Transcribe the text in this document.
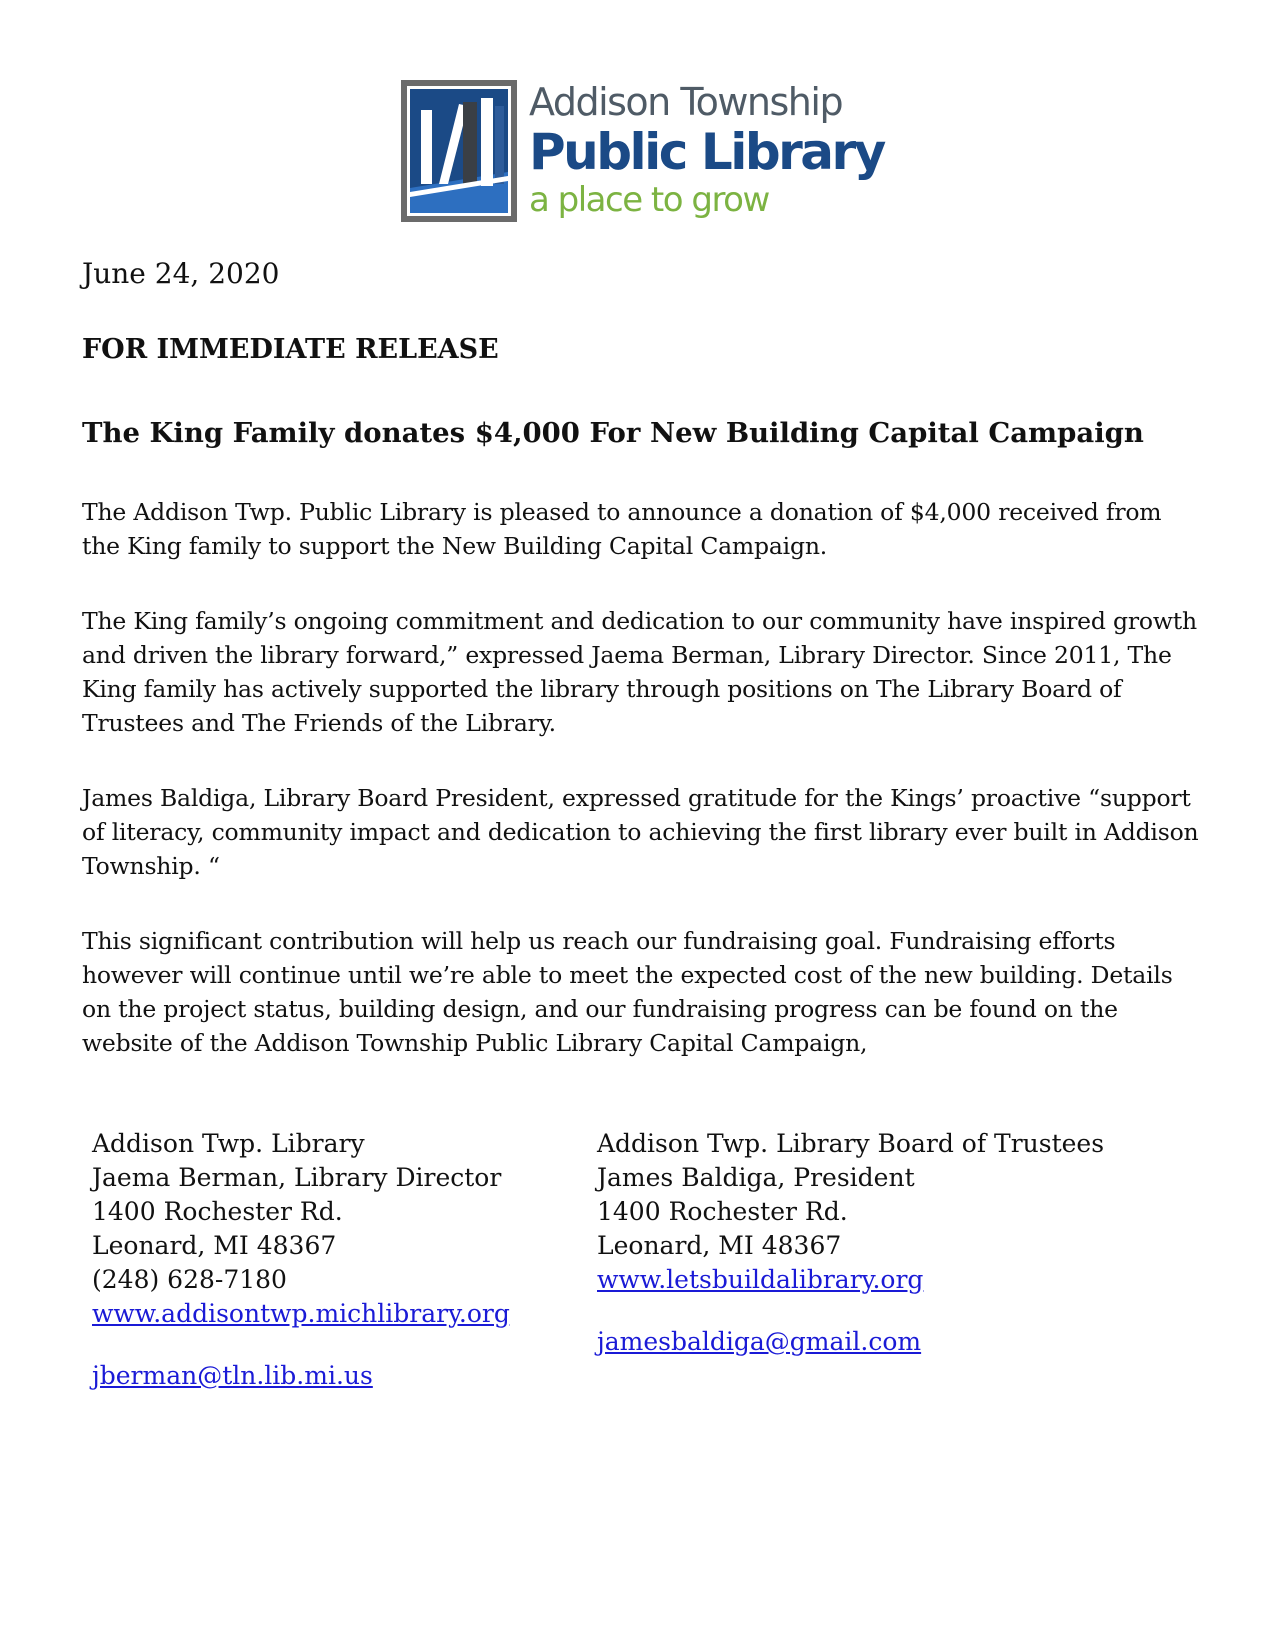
Addison Township
Public Library
a place to grow

June 24, 2020

FOR IMMEDIATE RELEASE

The King Family donates $4,000 For New Building Capital Campaign

The Addison Twp. Public Library is pleased to announce a donation of $4,000 received from the King family to support the New Building Capital Campaign.

The King family’s ongoing commitment and dedication to our community have inspired growth and driven the library forward,” expressed Jaema Berman, Library Director. Since 2011, The King family has actively supported the library through positions on The Library Board of Trustees and The Friends of the Library.

James Baldiga, Library Board President, expressed gratitude for the Kings’ proactive “support of literacy, community impact and dedication to achieving the first library ever built in Addison Township. “

This significant contribution will help us reach our fundraising goal. Fundraising efforts however will continue until we’re able to meet the expected cost of the new building. Details on the project status, building design, and our fundraising progress can be found on the website of the Addison Township Public Library Capital Campaign,

Addison Twp. Library
Jaema Berman, Library Director
1400 Rochester Rd.
Leonard, MI 48367
(248) 628-7180
www.addisontwp.michlibrary.org
jberman@tln.lib.mi.us
Addison Twp. Library Board of Trustees
James Baldiga, President
1400 Rochester Rd.
Leonard, MI 48367
www.letsbuildalibrary.org
jamesbaldiga@gmail.com
